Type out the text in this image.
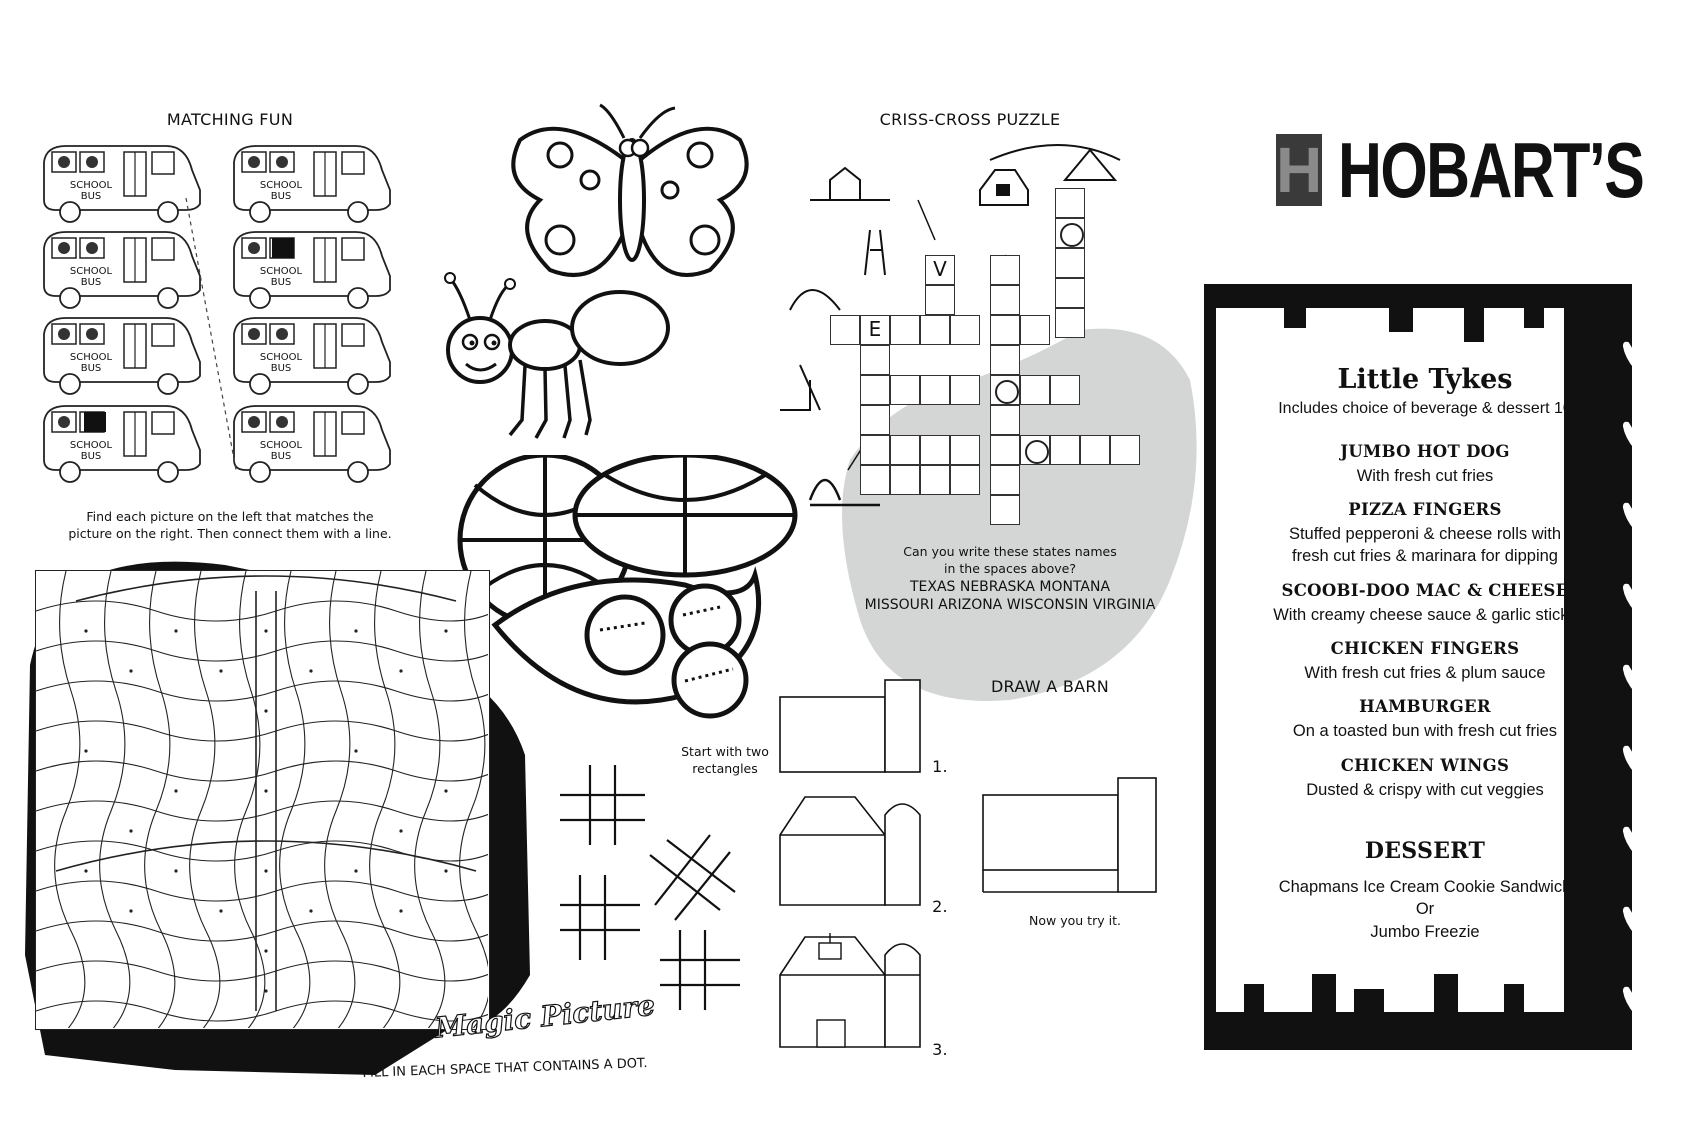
MATCHING FUN
SCHOOL
BUS
SCHOOL
BUS
SCHOOL
BUS
SCHOOL
BUS
SCHOOL
BUS
SCHOOL
BUS
SCHOOL
BUS
SCHOOL
BUS
Find each picture on the left that matches the
picture on the right. Then connect them with a line.
CRISS-CROSS PUZZLE
V
E
Can you write these states names
in the spaces above?
TEXAS NEBRASKA MONTANA
MISSOURI ARIZONA WISCONSIN VIRGINIA
DRAW A BARN
Start with two
rectangles	1.
2.
3.
Now you try it.
Magic Picture
FILL IN EACH SPACE THAT CONTAINS A DOT.
H HOBART’S
Little Tykes
Includes choice of beverage & dessert 10
JUMBO HOT DOG
With fresh cut fries
PIZZA FINGERS
Stuffed pepperoni & cheese rolls with
fresh cut fries & marinara for dipping
SCOOBI-DOO MAC & CHEESE
With creamy cheese sauce & garlic sticks
CHICKEN FINGERS
With fresh cut fries & plum sauce
HAMBURGER
On a toasted bun with fresh cut fries
CHICKEN WINGS
Dusted & crispy with cut veggies
DESSERT
Chapmans Ice Cream Cookie Sandwich
Or
Jumbo Freezie
